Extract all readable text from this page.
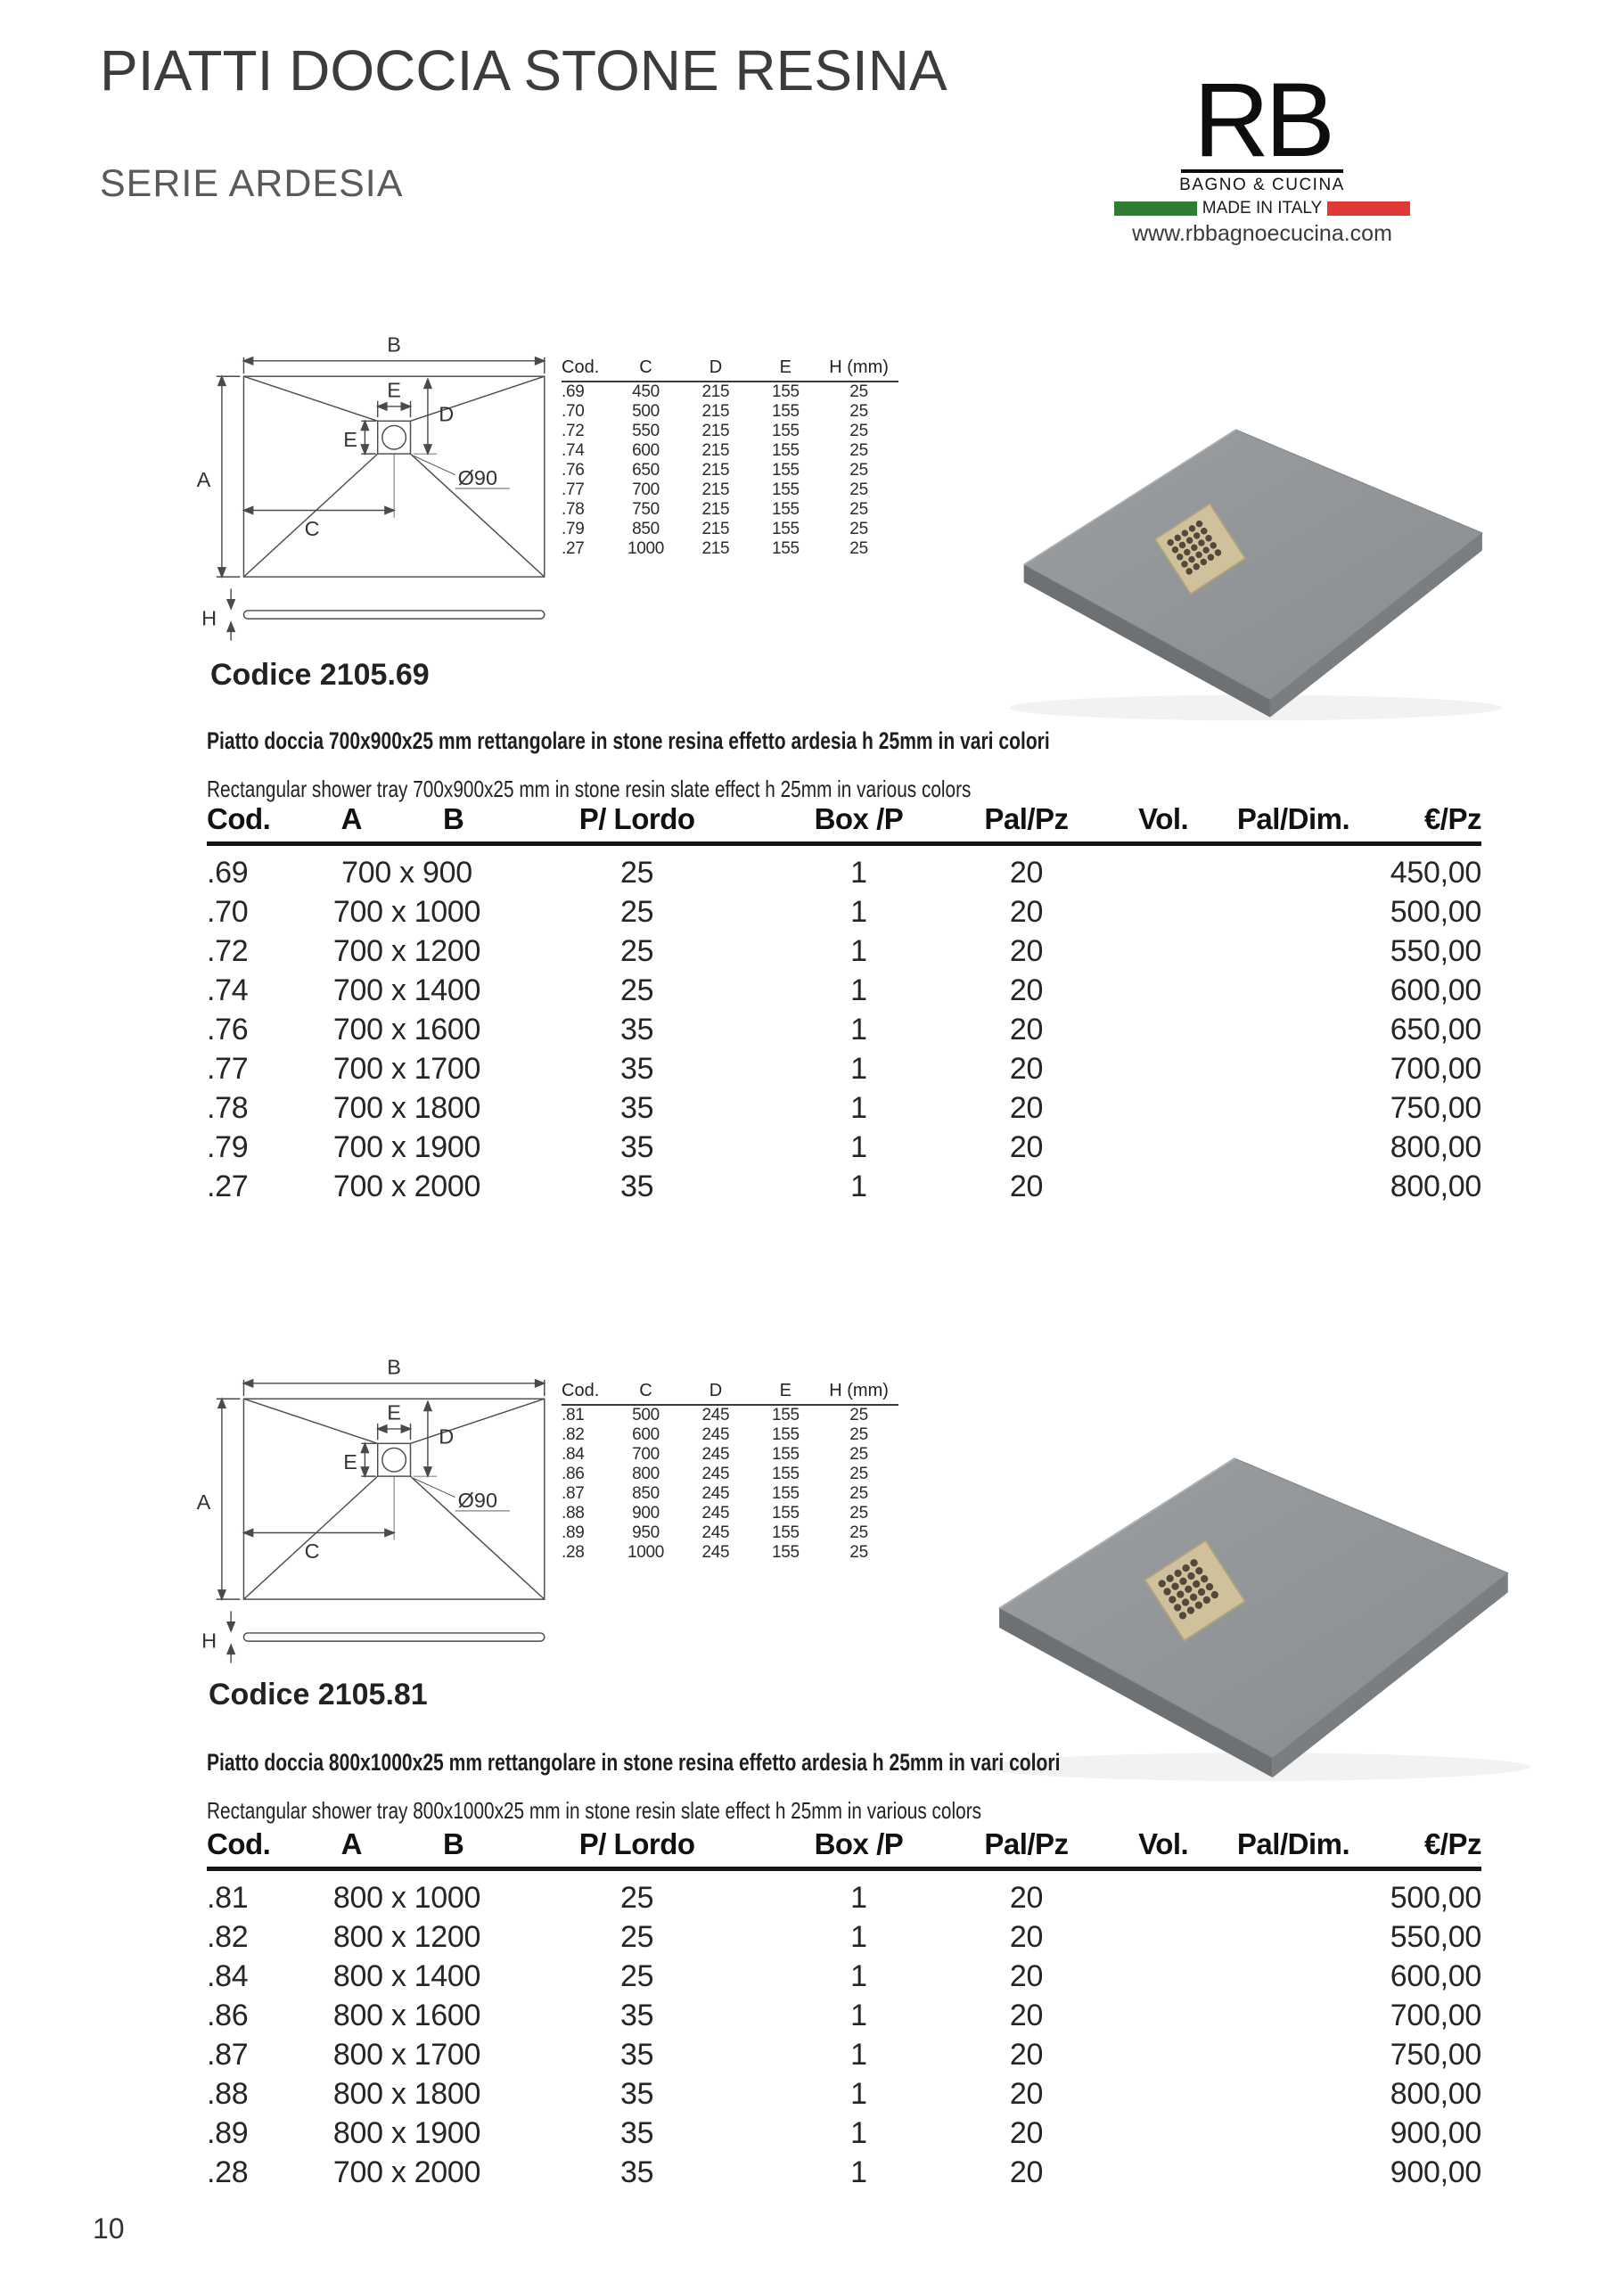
PIATTI DOCCIA STONE RESINA
SERIE ARDESIA
RB
BAGNO & CUCINA
MADE IN ITALY
www.rbbagnoecucina.com
B
A
C
E
E
D
Ø90
H
Cod.	C	D	E	H (mm)
.69	450	215	155	25
.70	500	215	155	25
.72	550	215	155	25
.74	600	215	155	25
.76	650	215	155	25
.77	700	215	155	25
.78	750	215	155	25
.79	850	215	155	25
.27	1000	215	155	25
Codice 2105.69
Piatto doccia 700x900x25 mm rettangolare in stone resina effetto ardesia h 25mm in vari colori
Rectangular shower tray 700x900x25 mm in stone resin slate effect h 25mm in various colors
Cod.	A	B	P/ Lordo	Box /P	Pal/Pz	Vol.	Pal/Dim.	€/Pz
.69	700 x 900		25	1	20			450,00
.70	700 x 1000		25	1	20			500,00
.72	700 x 1200		25	1	20			550,00
.74	700 x 1400		25	1	20			600,00
.76	700 x 1600		35	1	20			650,00
.77	700 x 1700		35	1	20			700,00
.78	700 x 1800		35	1	20			750,00
.79	700 x 1900		35	1	20			800,00
.27	700 x 2000		35	1	20			800,00
B
A
C
E
E
D
Ø90
H
Cod.	C	D	E	H (mm)
.81	500	245	155	25
.82	600	245	155	25
.84	700	245	155	25
.86	800	245	155	25
.87	850	245	155	25
.88	900	245	155	25
.89	950	245	155	25
.28	1000	245	155	25
Codice 2105.81
Piatto doccia 800x1000x25 mm rettangolare in stone resina effetto ardesia h 25mm in vari colori
Rectangular shower tray 800x1000x25 mm in stone resin slate effect h 25mm in various colors
Cod.	A	B	P/ Lordo	Box /P	Pal/Pz	Vol.	Pal/Dim.	€/Pz
.81	800 x 1000		25	1	20			500,00
.82	800 x 1200		25	1	20			550,00
.84	800 x 1400		25	1	20			600,00
.86	800 x 1600		35	1	20			700,00
.87	800 x 1700		35	1	20			750,00
.88	800 x 1800		35	1	20			800,00
.89	800 x 1900		35	1	20			900,00
.28	700 x 2000		35	1	20			900,00
10
